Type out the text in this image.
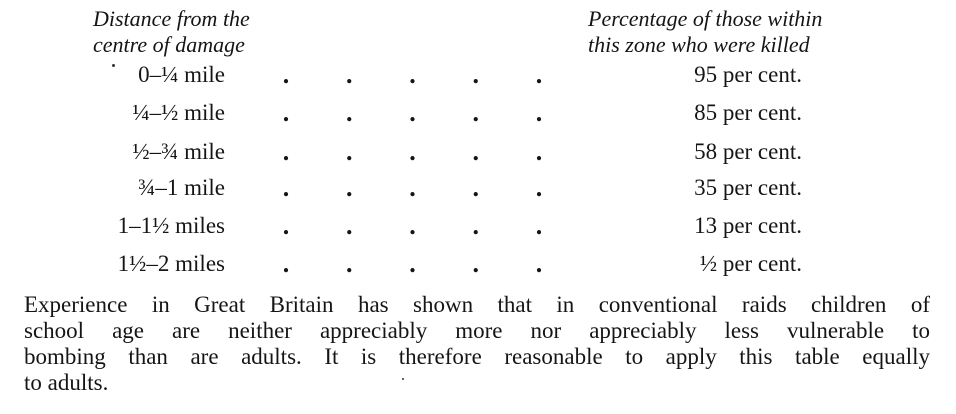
Distance from the
centre of damage
Percentage of those within
this zone who were killed
0–¼ mile . . . . .	95 per cent.
¼–½ mile . . . . .	85 per cent.
½–¾ mile . . . . .	58 per cent.
¾–1 mile . . . . .	35 per cent.
1–1½ miles . . . . .	13 per cent.
1½–2 miles . . . . .	½ per cent.
Experience in Great Britain has shown that in conventional raids children of
school age are neither appreciably more nor appreciably less vulnerable to
bombing than are adults. It is therefore reasonable to apply this table equally
to adults.
